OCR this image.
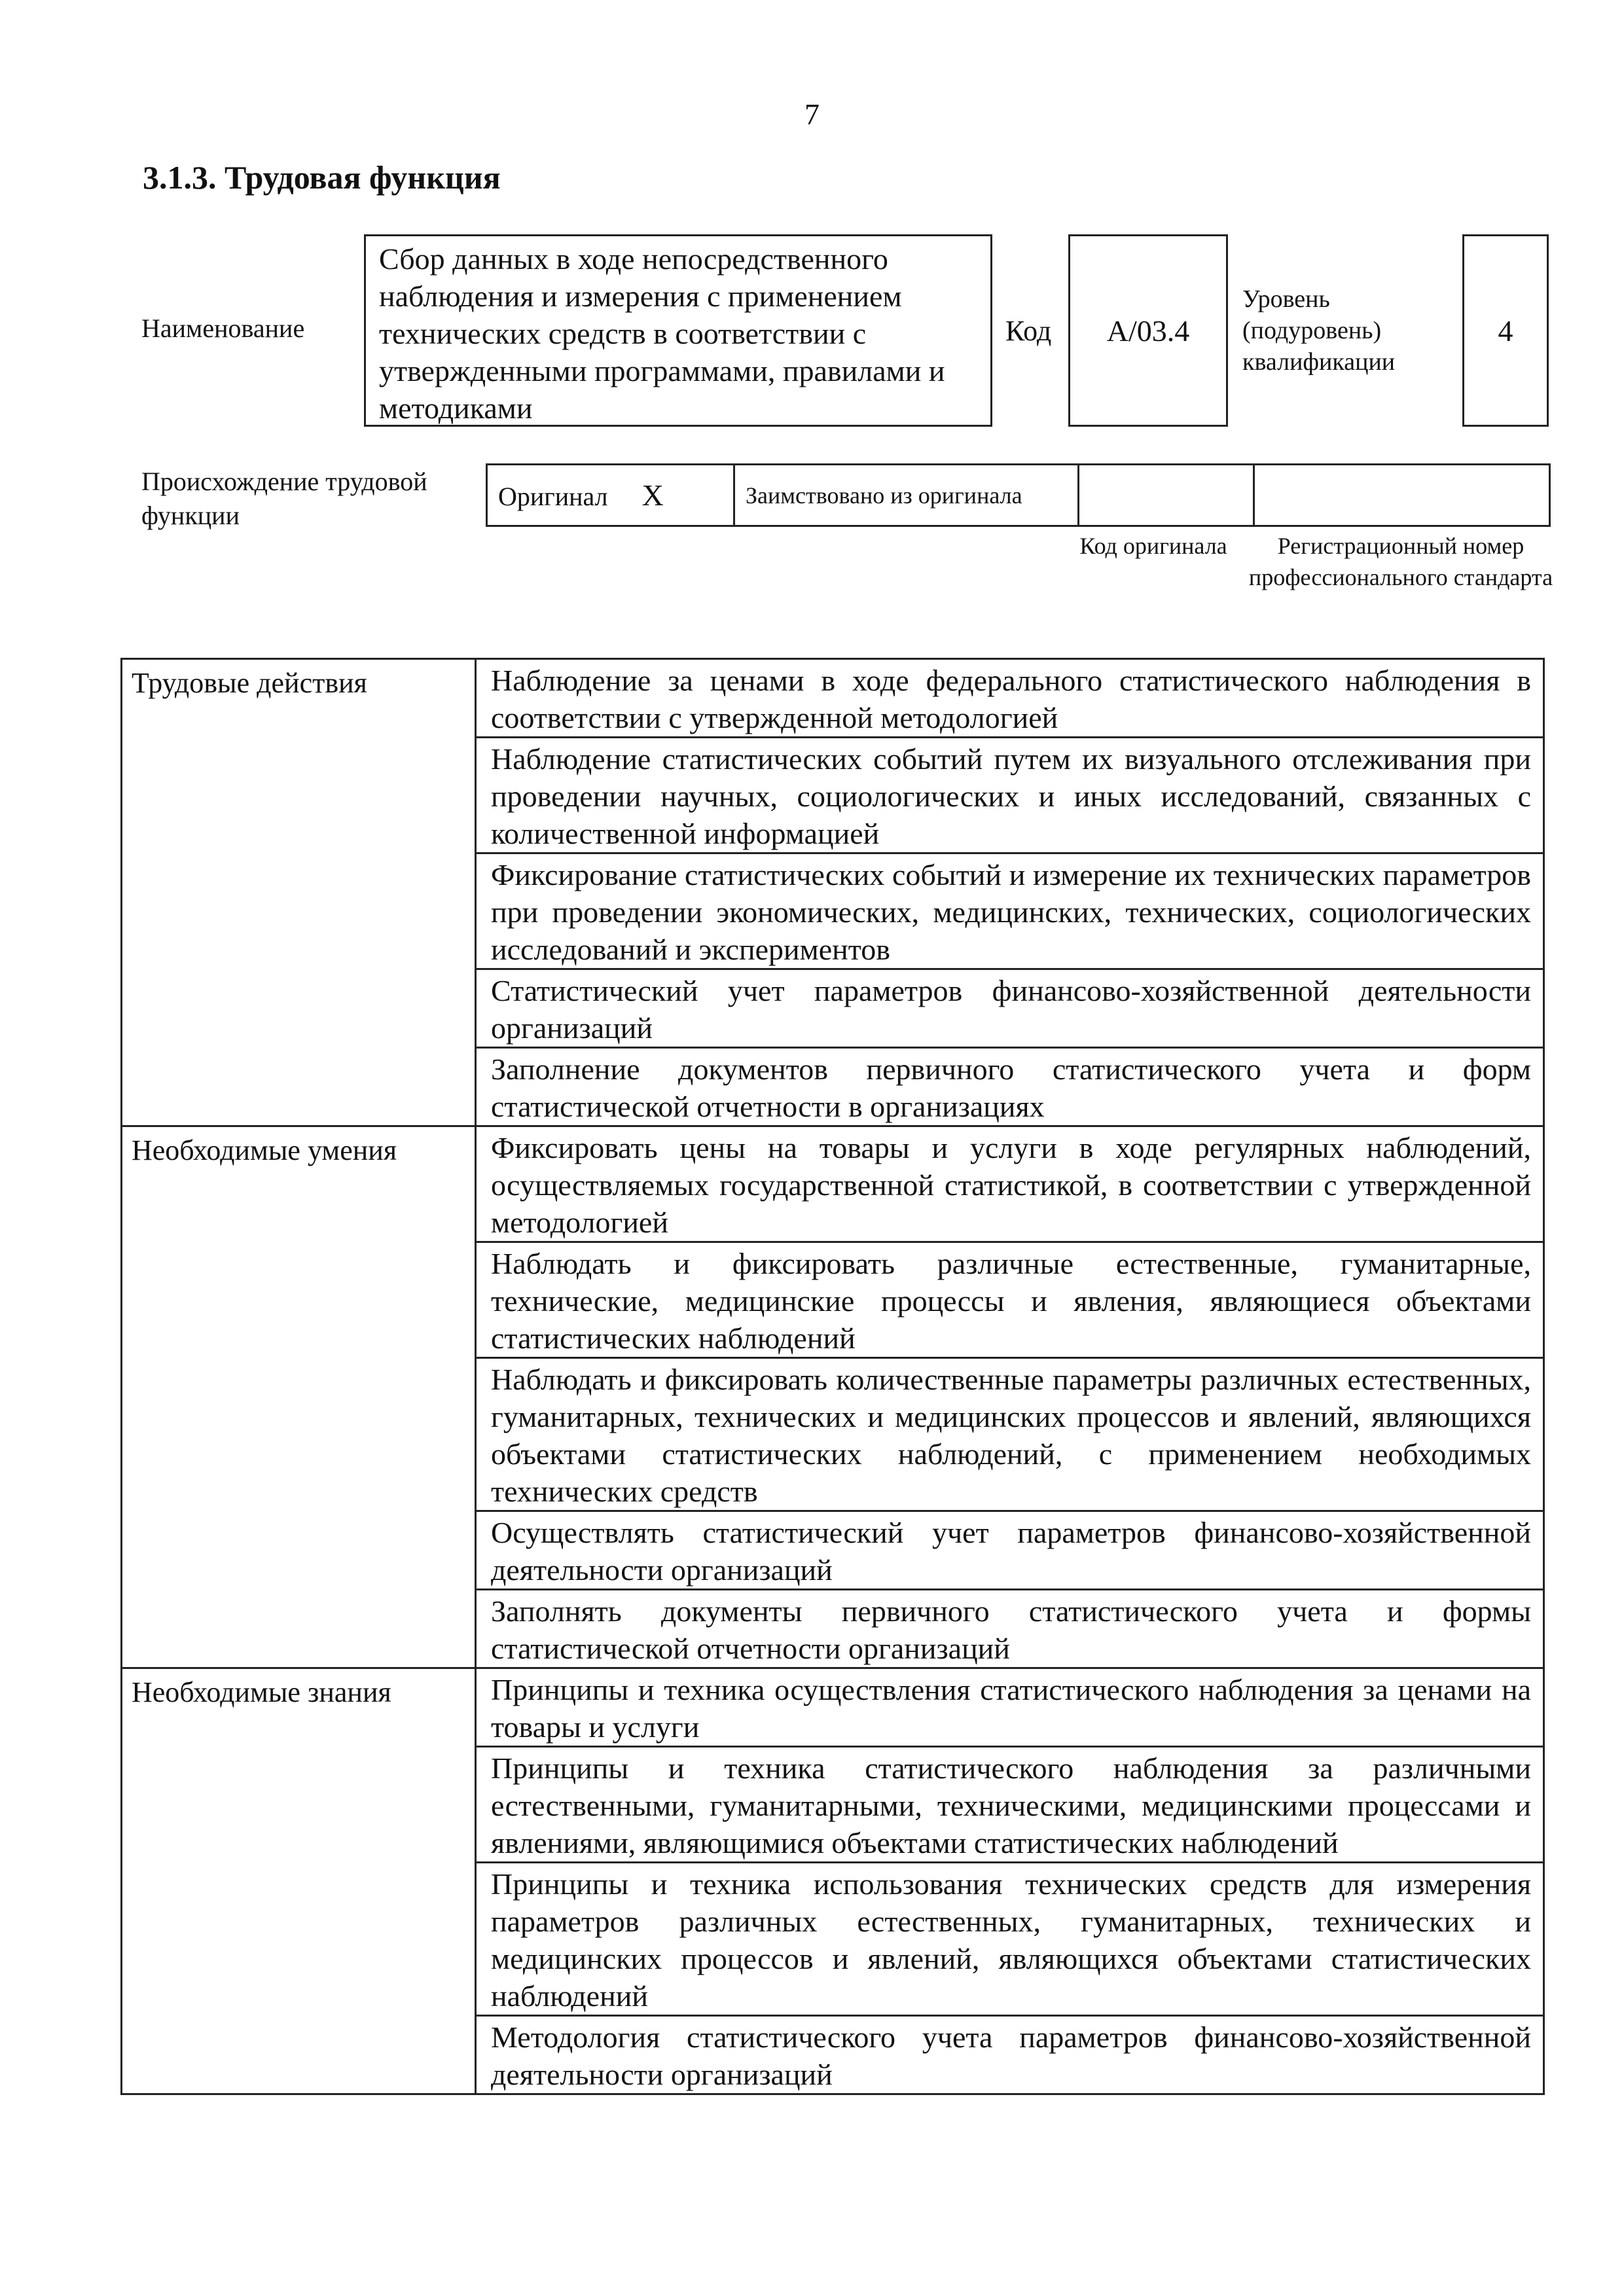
7
3.1.3. Трудовая функция
Наименование
Сбор данных в ходе непосредственного наблюдения и измерения с применением технических средств в соответствии с утвержденными программами, правилами и методиками
Код	А/03.4
Уровень (подуровень) квалификации
4
Происхождение трудовой функции
Оригинал X	Заимствовано из оригинала		
Код оригинала	Регистрационный номер профессионального стандарта
Трудовые действия	Наблюдение за ценами в ходе федерального статистического наблюдения в соответствии с утвержденной методологией
	Наблюдение статистических событий путем их визуального отслеживания при проведении научных, социологических и иных исследований, связанных с количественной информацией
	Фиксирование статистических событий и измерение их технических параметров при проведении экономических, медицинских, технических, социологических исследований и экспериментов
	Статистический учет параметров финансово-хозяйственной деятельности организаций
	Заполнение документов первичного статистического учета и форм статистической отчетности в организациях
Необходимые умения	Фиксировать цены на товары и услуги в ходе регулярных наблюдений, осуществляемых государственной статистикой, в соответствии с утвержденной методологией
	Наблюдать и фиксировать различные естественные, гуманитарные, технические, медицинские процессы и явления, являющиеся объектами статистических наблюдений
	Наблюдать и фиксировать количественные параметры различных естественных, гуманитарных, технических и медицинских процессов и явлений, являющихся объектами статистических наблюдений, с применением необходимых технических средств
	Осуществлять статистический учет параметров финансово-хозяйственной деятельности организаций
	Заполнять документы первичного статистического учета и формы статистической отчетности организаций
Необходимые знания	Принципы и техника осуществления статистического наблюдения за ценами на товары и услуги
	Принципы и техника статистического наблюдения за различными естественными, гуманитарными, техническими, медицинскими процессами и явлениями, являющимися объектами статистических наблюдений
	Принципы и техника использования технических средств для измерения параметров различных естественных, гуманитарных, технических и медицинских процессов и явлений, являющихся объектами статистических наблюдений
	Методология статистического учета параметров финансово-хозяйственной деятельности организаций
